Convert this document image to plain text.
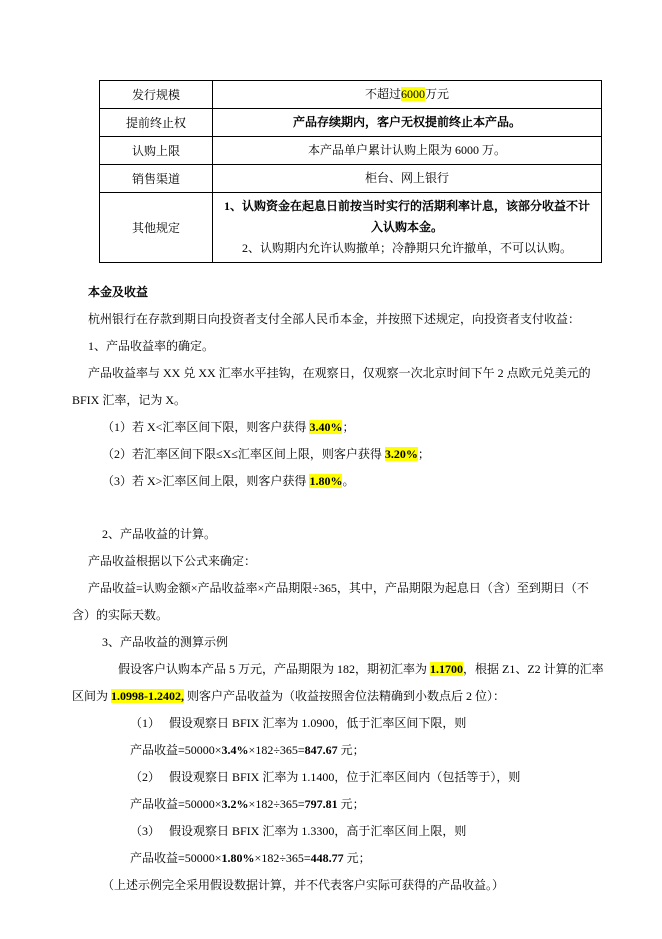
发行规模	不超过6000万元

提前终止权	产品存续期内，客户无权提前终止本产品。

认购上限	本产品单户累计认购上限为 6000 万。

销售渠道	柜台、网上银行

其他规定	1、认购资金在起息日前按当时实行的活期利率计息，该部分收益不计入认购本金。
2、认购期内允许认购撤单；冷静期只允许撤单，不可以认购。
本金及收益
杭州银行在存款到期日向投资者支付全部人民币本金，并按照下述规定，向投资者支付收益：
1、产品收益率的确定。
产品收益率与 XX 兑 XX 汇率水平挂钩，在观察日，仅观察一次北京时间下午 2 点欧元兑美元的 BFIX 汇率，记为 X。
（1）若 X<汇率区间下限，则客户获得 3.40%；
（2）若汇率区间下限≤X≤汇率区间上限，则客户获得 3.20%；
（3）若 X>汇率区间上限，则客户获得 1.80%。
2、产品收益的计算。
产品收益根据以下公式来确定：
产品收益=认购金额×产品收益率×产品期限÷365，其中，产品期限为起息日（含）至到期日（不含）的实际天数。
3、产品收益的测算示例
假设客户认购本产品 5 万元，产品期限为 182，期初汇率为 1.1700，根据 Z1、Z2 计算的汇率区间为 1.0998-1.2402, 则客户产品收益为（收益按照舍位法精确到小数点后 2 位）：
（1）　 假设观察日 BFIX 汇率为 1.0900，低于汇率区间下限，则
产品收益=50000×3.4%×182÷365=847.67 元；
（2）　 假设观察日 BFIX 汇率为 1.1400，位于汇率区间内（包括等于），则
产品收益=50000×3.2%×182÷365=797.81 元；
（3）　 假设观察日 BFIX 汇率为 1.3300，高于汇率区间上限，则
产品收益=50000×1.80%×182÷365=448.77 元；
（上述示例完全采用假设数据计算，并不代表客户实际可获得的产品收益。）
